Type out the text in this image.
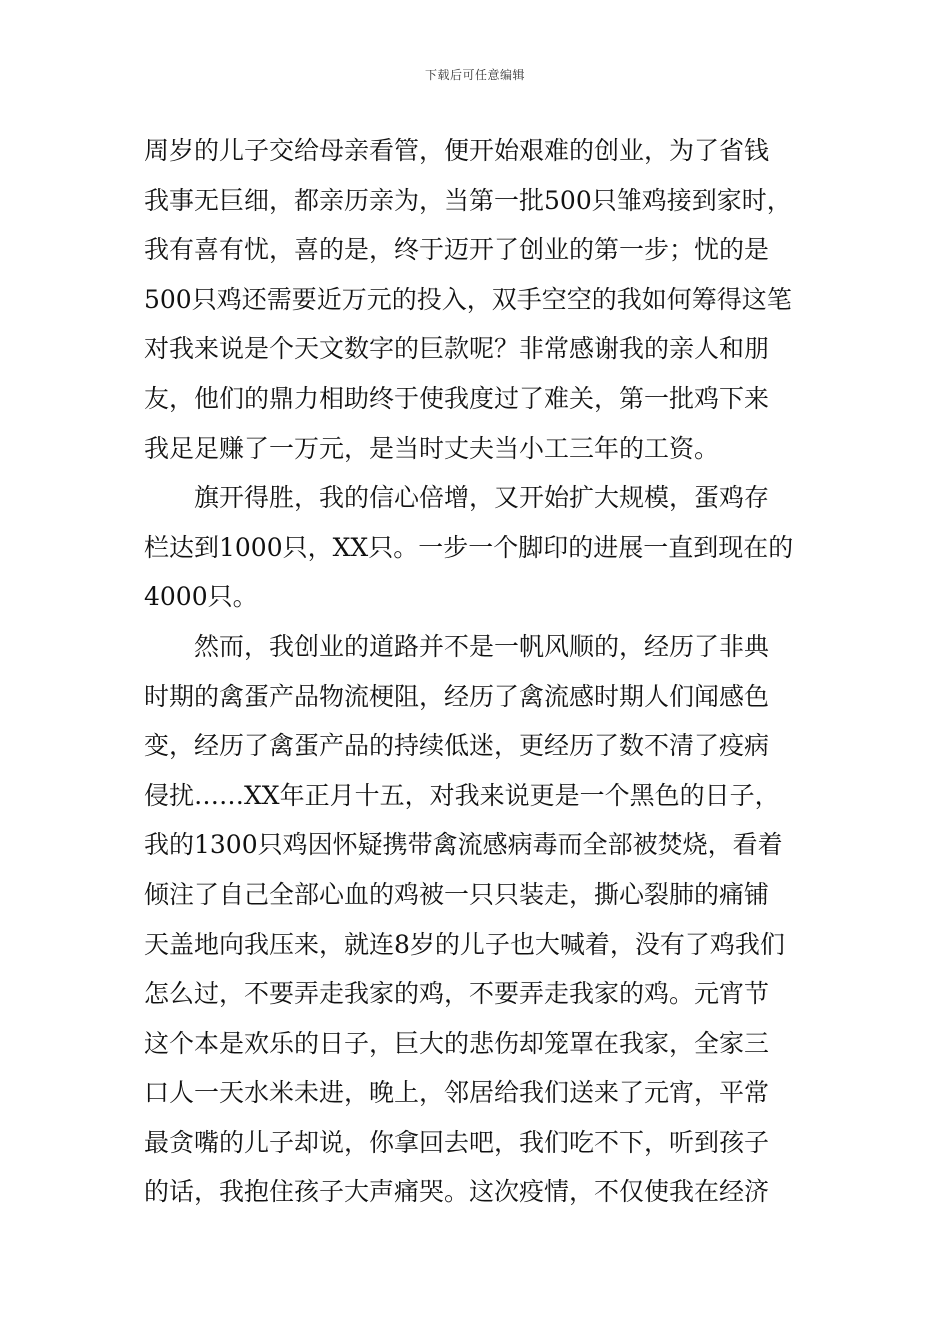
下载后可任意编辑
周岁的儿子交给母亲看管，便开始艰难的创业，为了省钱
我事无巨细，都亲历亲为，当第一批500只雏鸡接到家时，
我有喜有忧，喜的是，终于迈开了创业的第一步；忧的是
500只鸡还需要近万元的投入，双手空空的我如何筹得这笔
对我来说是个天文数字的巨款呢？非常感谢我的亲人和朋
友，他们的鼎力相助终于使我度过了难关，第一批鸡下来
我足足赚了一万元，是当时丈夫当小工三年的工资。
　　旗开得胜，我的信心倍增，又开始扩大规模，蛋鸡存
栏达到1000只，XX只。一步一个脚印的进展一直到现在的
4000只。
　　然而，我创业的道路并不是一帆风顺的，经历了非典
时期的禽蛋产品物流梗阻，经历了禽流感时期人们闻感色
变，经历了禽蛋产品的持续低迷，更经历了数不清了疫病
侵扰……XX年正月十五，对我来说更是一个黑色的日子，
我的1300只鸡因怀疑携带禽流感病毒而全部被焚烧，看着
倾注了自己全部心血的鸡被一只只装走，撕心裂肺的痛铺
天盖地向我压来，就连8岁的儿子也大喊着，没有了鸡我们
怎么过，不要弄走我家的鸡，不要弄走我家的鸡。元宵节
这个本是欢乐的日子，巨大的悲伤却笼罩在我家，全家三
口人一天水米未进，晚上，邻居给我们送来了元宵，平常
最贪嘴的儿子却说，你拿回去吧，我们吃不下，听到孩子
的话，我抱住孩子大声痛哭。这次疫情，不仅使我在经济
